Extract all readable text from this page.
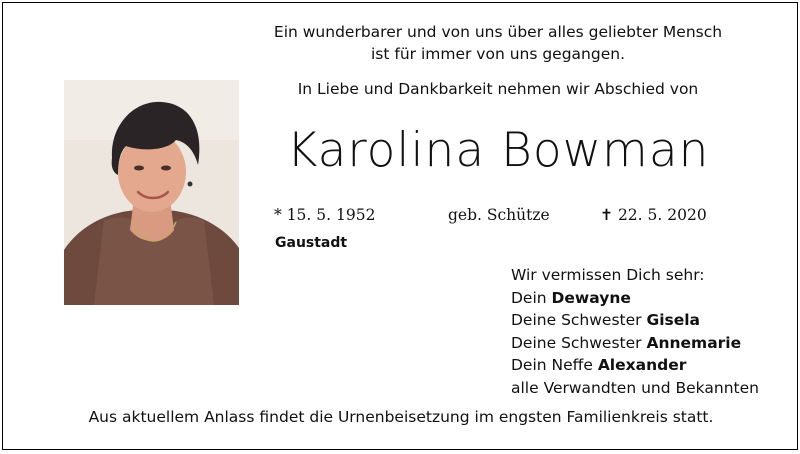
Ein wunderbarer und von uns über alles geliebter Mensch
ist für immer von uns gegangen.
In Liebe und Dankbarkeit nehmen wir Abschied von
Karolina Bowman
* 15. 5. 1952	geb. Schütze	✝ 22. 5. 2020
Gaustadt
Wir vermissen Dich sehr:
Dein Dewayne
Deine Schwester Gisela
Deine Schwester Annemarie
Dein Neffe Alexander
alle Verwandten und Bekannten
Aus aktuellem Anlass findet die Urnenbeisetzung im engsten Familienkreis statt.
